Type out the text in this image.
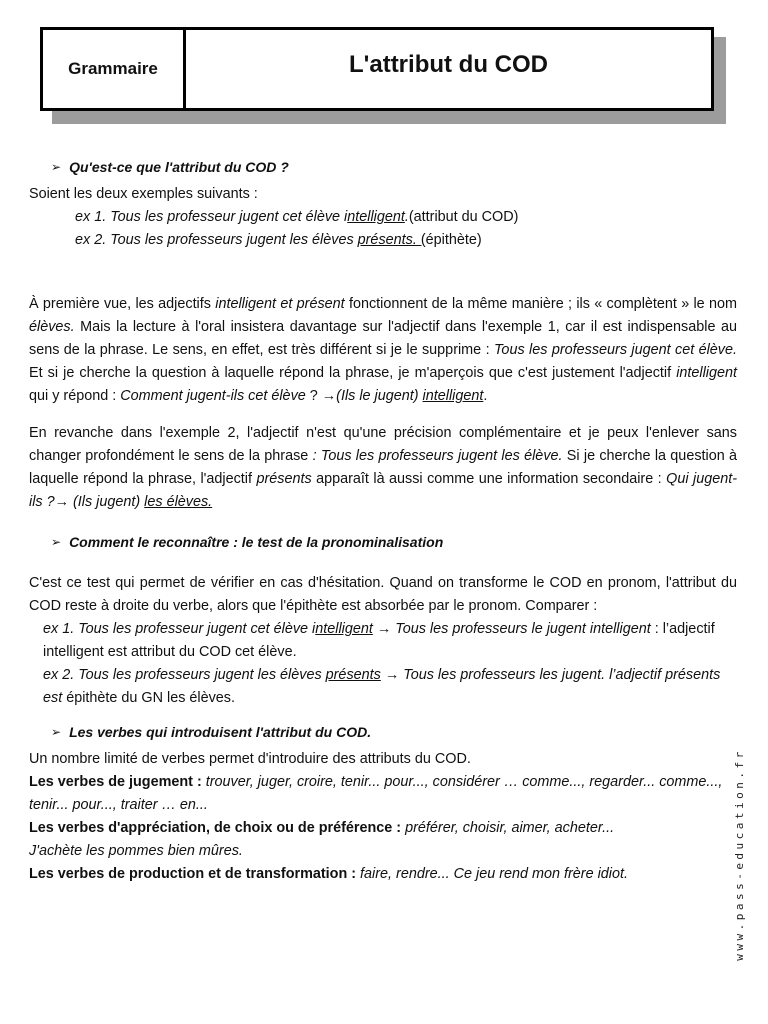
Grammaire	L'attribut du COD
➢ Qu'est-ce que l'attribut du COD ?

Soient les deux exemples suivants :

ex 1. Tous les professeur jugent cet élève intelligent.(attribut du COD)

ex 2. Tous les professeurs jugent les élèves présents. (épithète)

À première vue, les adjectifs intelligent et présent fonctionnent de la même manière ; ils « complètent » le nom élèves. Mais la lecture à l'oral insistera davantage sur l'adjectif dans l'exemple 1, car il est indispensable au sens de la phrase. Le sens, en effet, est très différent si je le supprime : Tous les professeurs jugent cet élève. Et si je cherche la question à laquelle répond la phrase, je m'aperçois que c'est justement l'adjectif intelligent qui y répond : Comment jugent-ils cet élève ? →(Ils le jugent) intelligent.

En revanche dans l'exemple 2, l'adjectif n'est qu'une précision complémentaire et je peux l'enlever sans changer profondément le sens de la phrase : Tous les professeurs jugent les élève. Si je cherche la question à laquelle répond la phrase, l'adjectif présents apparaît là aussi comme une information secondaire : Qui jugent-ils ?→ (Ils jugent) les élèves.

➢ Comment le reconnaître : le test de la pronominalisation

C'est ce test qui permet de vérifier en cas d'hésitation. Quand on transforme le COD en pronom, l'attribut du COD reste à droite du verbe, alors que l'épithète est absorbée par le pronom. Comparer :

ex 1. Tous les professeur jugent cet élève intelligent → Tous les professeurs le jugent intelligent : l’adjectif intelligent est attribut du COD cet élève.

ex 2. Tous les professeurs jugent les élèves présents → Tous les professeurs les jugent. l’adjectif présents est épithète du GN les élèves.

➢ Les verbes qui introduisent l'attribut du COD.

Un nombre limité de verbes permet d'introduire des attributs du COD.

Les verbes de jugement : trouver, juger, croire, tenir... pour..., considérer … comme..., regarder... comme..., tenir... pour..., traiter … en...

Les verbes d'appréciation, de choix ou de préférence : préférer, choisir, aimer, acheter...

J'achète les pommes bien mûres.

Les verbes de production et de transformation : faire, rendre... Ce jeu rend mon frère idiot.	www.pass-education.fr
